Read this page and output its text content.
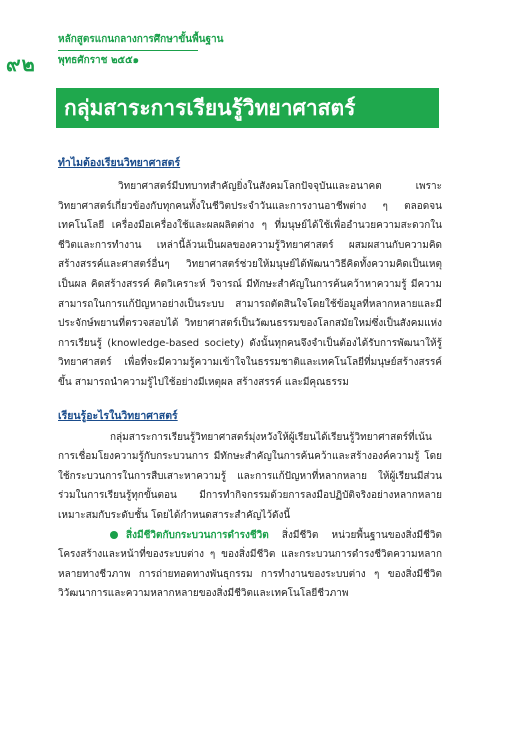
๙๒
หลักสูตรแกนกลางการศึกษาขั้นพื้นฐาน
พุทธศักราช ๒๕๕๑
กลุ่มสาระการเรียนรู้วิทยาศาสตร์
ทำไมต้องเรียนวิทยาศาสตร์

วิทยาศาสตร์มีบทบาทสำคัญยิ่งในสังคมโลกปัจจุบันและอนาคต เพราะวิทยาศาสตร์เกี่ยวข้องกับทุกคนทั้งในชีวิตประจำวันและการงานอาชีพต่าง ๆ ตลอดจนเทคโนโลยี เครื่องมือเครื่องใช้และผลผลิตต่าง ๆ ที่มนุษย์ได้ใช้เพื่ออำนวยความสะดวกในชีวิตและการทำงาน เหล่านี้ล้วนเป็นผลของความรู้วิทยาศาสตร์ ผสมผสานกับความคิดสร้างสรรค์และศาสตร์อื่นๆ วิทยาศาสตร์ช่วยให้มนุษย์ได้พัฒนาวิธีคิดทั้งความคิดเป็นเหตุเป็นผล คิดสร้างสรรค์ คิดวิเคราะห์ วิจารณ์ มีทักษะสำคัญในการค้นคว้าหาความรู้ มีความสามารถในการแก้ปัญหาอย่างเป็นระบบ สามารถตัดสินใจโดยใช้ข้อมูลที่หลากหลายและมีประจักษ์พยานที่ตรวจสอบได้ วิทยาศาสตร์เป็นวัฒนธรรมของโลกสมัยใหม่ซึ่งเป็นสังคมแห่งการเรียนรู้ (knowledge-based society) ดังนั้นทุกคนจึงจำเป็นต้องได้รับการพัฒนาให้รู้วิทยาศาสตร์ เพื่อที่จะมีความรู้ความเข้าใจในธรรมชาติและเทคโนโลยีที่มนุษย์สร้างสรรค์ขึ้น สามารถนำความรู้ไปใช้อย่างมีเหตุผล สร้างสรรค์ และมีคุณธรรม

เรียนรู้อะไรในวิทยาศาสตร์

กลุ่มสาระการเรียนรู้วิทยาศาสตร์มุ่งหวังให้ผู้เรียนได้เรียนรู้วิทยาศาสตร์ที่เน้นการเชื่อมโยงความรู้กับกระบวนการ มีทักษะสำคัญในการค้นคว้าและสร้างองค์ความรู้ โดยใช้กระบวนการในการสืบเสาะหาความรู้ และการแก้ปัญหาที่หลากหลาย ให้ผู้เรียนมีส่วนร่วมในการเรียนรู้ทุกขั้นตอน มีการทำกิจกรรมด้วยการลงมือปฏิบัติจริงอย่างหลากหลาย เหมาะสมกับระดับชั้น โดยได้กำหนดสาระสำคัญไว้ดังนี้

สิ่งมีชีวิตกับกระบวนการดำรงชีวิต สิ่งมีชีวิต หน่วยพื้นฐานของสิ่งมีชีวิต โครงสร้างและหน้าที่ของระบบต่าง ๆ ของสิ่งมีชีวิต และกระบวนการดำรงชีวิตความหลากหลายทางชีวภาพ การถ่ายทอดทางพันธุกรรม การทำงานของระบบต่าง ๆ ของสิ่งมีชีวิต วิวัฒนาการและความหลากหลายของสิ่งมีชีวิตและเทคโนโลยีชีวภาพ
